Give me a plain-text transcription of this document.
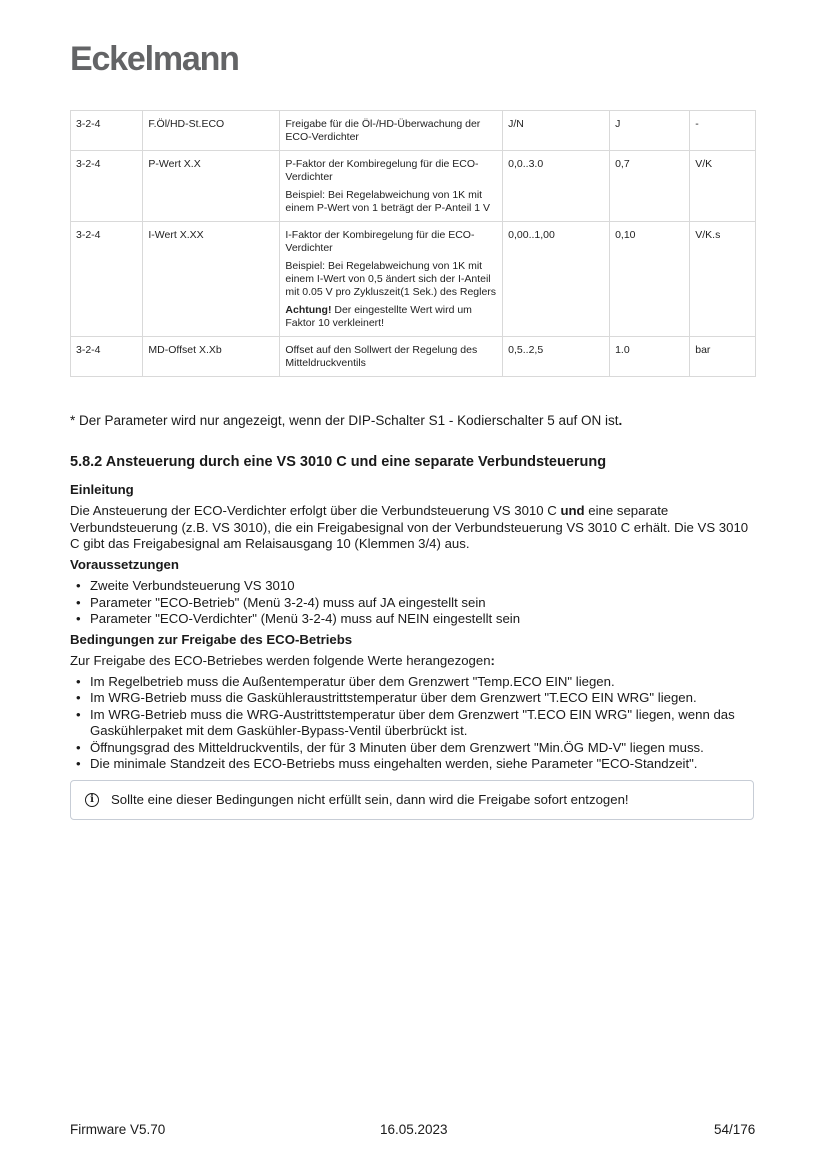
Eckelmann
3-2-4	F.Öl/HD-St.ECO	Freigabe für die Öl-/HD-Überwachung der ECO-Verdichter	J/N	J	-
3-2-4	P-Wert X.X	P-Faktor der Kombiregelung für die ECO-Verdichter

Beispiel: Bei Regelabweichung von 1K mit einem P-Wert von 1 beträgt der P-Anteil 1 V	0,0..3.0	0,7	V/K
3-2-4	I-Wert X.XX	I-Faktor der Kombiregelung für die ECO-Verdichter

Beispiel: Bei Regelabweichung von 1K mit einem I-Wert von 0,5 ändert sich der I-Anteil mit 0.05 V pro Zykluszeit(1 Sek.) des Reglers

Achtung! Der eingestellte Wert wird um Faktor 10 verkleinert!	0,00..1,00	0,10	V/K.s
3-2-4	MD-Offset X.Xb	Offset auf den Sollwert der Regelung des Mitteldruckventils	0,5..2,5	1.0	bar
* Der Parameter wird nur angezeigt, wenn der DIP-Schalter S1 - Kodierschalter 5 auf ON ist.
5.8.2 Ansteuerung durch eine VS 3010 C und eine separate Verbundsteuerung
Einleitung

Die Ansteuerung der ECO-Verdichter erfolgt über die Verbundsteuerung VS 3010 C und eine separate Verbundsteuerung (z.B. VS 3010), die ein Freigabesignal von der Verbundsteuerung VS 3010 C erhält. Die VS 3010 C gibt das Freigabesignal am Relaisausgang 10 (Klemmen 3/4) aus.

Voraussetzungen
• Zweite Verbundsteuerung VS 3010
• Parameter "ECO-Betrieb" (Menü 3-2-4) muss auf JA eingestellt sein
• Parameter "ECO-Verdichter" (Menü 3-2-4) muss auf NEIN eingestellt sein
Bedingungen zur Freigabe des ECO-Betriebs

Zur Freigabe des ECO-Betriebes werden folgende Werte herangezogen:

• Im Regelbetrieb muss die Außentemperatur über dem Grenzwert "Temp.ECO EIN" liegen.
• Im WRG-Betrieb muss die Gaskühleraustrittstemperatur über dem Grenzwert "T.ECO EIN WRG" liegen.
• Im WRG-Betrieb muss die WRG-Austrittstemperatur über dem Grenzwert "T.ECO EIN WRG" liegen, wenn das Gaskühlerpaket mit dem Gaskühler-Bypass-Ventil überbrückt ist.
• Öffnungsgrad des Mitteldruckventils, der für 3 Minuten über dem Grenzwert "Min.ÖG MD-V" liegen muss.
• Die minimale Standzeit des ECO-Betriebs muss eingehalten werden, siehe Parameter "ECO-Standzeit".
i	Sollte eine dieser Bedingungen nicht erfüllt sein, dann wird die Freigabe sofort entzogen!
Firmware V5.70	16.05.2023	54/176
